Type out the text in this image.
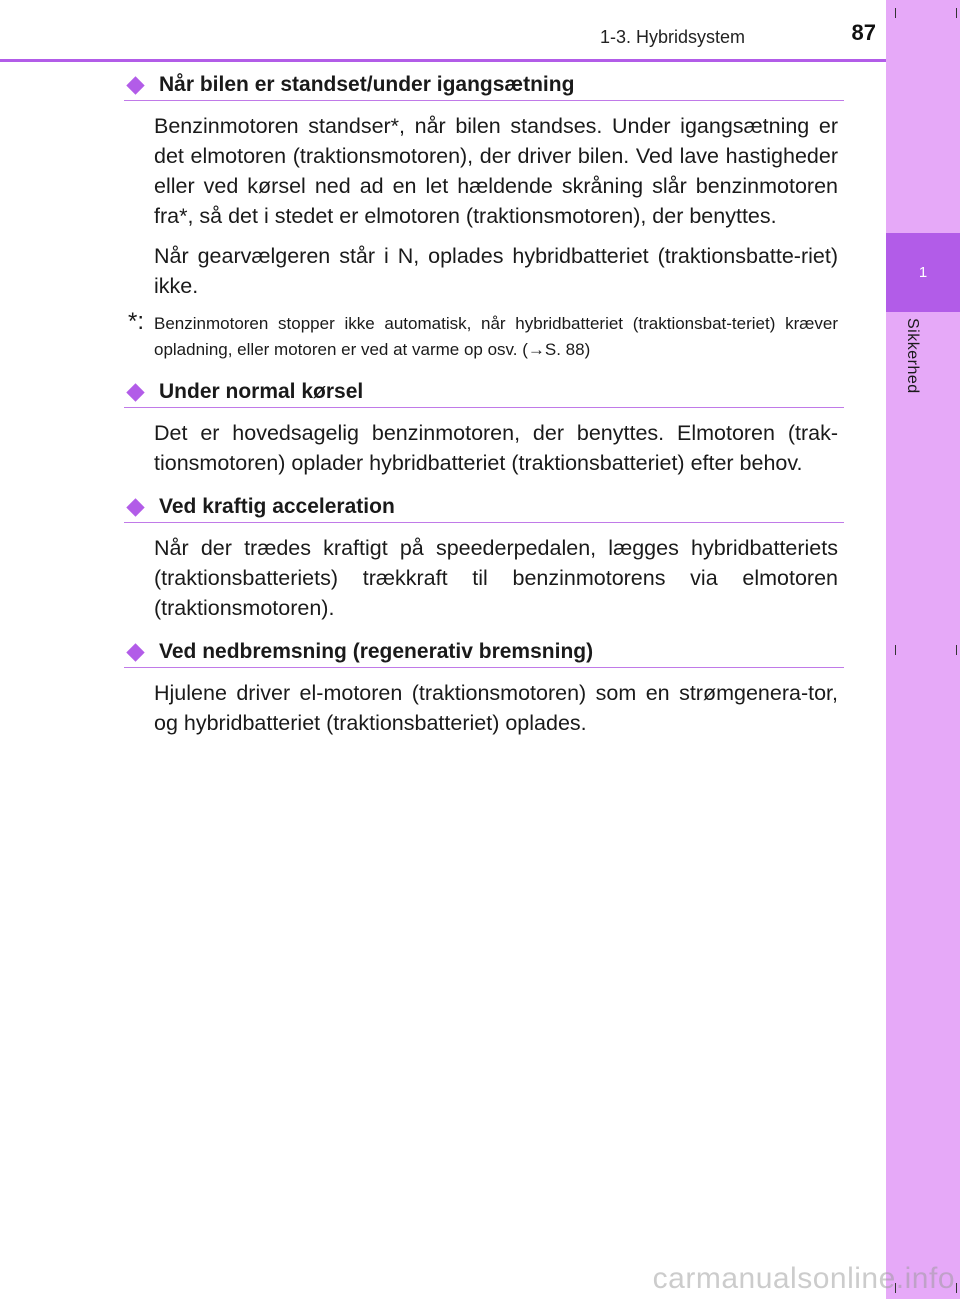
1
Sikkerhed
1-3. Hybridsystem	87
Når bilen er standset/under igangsætning

Benzinmotoren standser*, når bilen standses. Under igangsætning er det elmotoren (traktionsmotoren), der driver bilen. Ved lave hastigheder eller ved kørsel ned ad en let hældende skråning slår benzinmotoren fra*, så det i stedet er elmotoren (traktionsmotoren), der benyttes.

Når gearvælgeren står i N, oplades hybridbatteriet (traktionsbatte-riet) ikke.

*: Benzinmotoren stopper ikke automatisk, når hybridbatteriet (traktionsbat-teriet) kræver opladning, eller motoren er ved at varme op osv. (→S. 88)
Under normal kørsel

Det er hovedsagelig benzinmotoren, der benyttes. Elmotoren (trak-tionsmotoren) oplader hybridbatteriet (traktionsbatteriet) efter behov.

Ved kraftig acceleration

Når der trædes kraftigt på speederpedalen, lægges hybridbatteriets (traktionsbatteriets) trækkraft til benzinmotorens via elmotoren (traktionsmotoren).

Ved nedbremsning (regenerativ bremsning)

Hjulene driver el-motoren (traktionsmotoren) som en strømgenera-tor, og hybridbatteriet (traktionsbatteriet) oplades.

carmanualsonline.info
